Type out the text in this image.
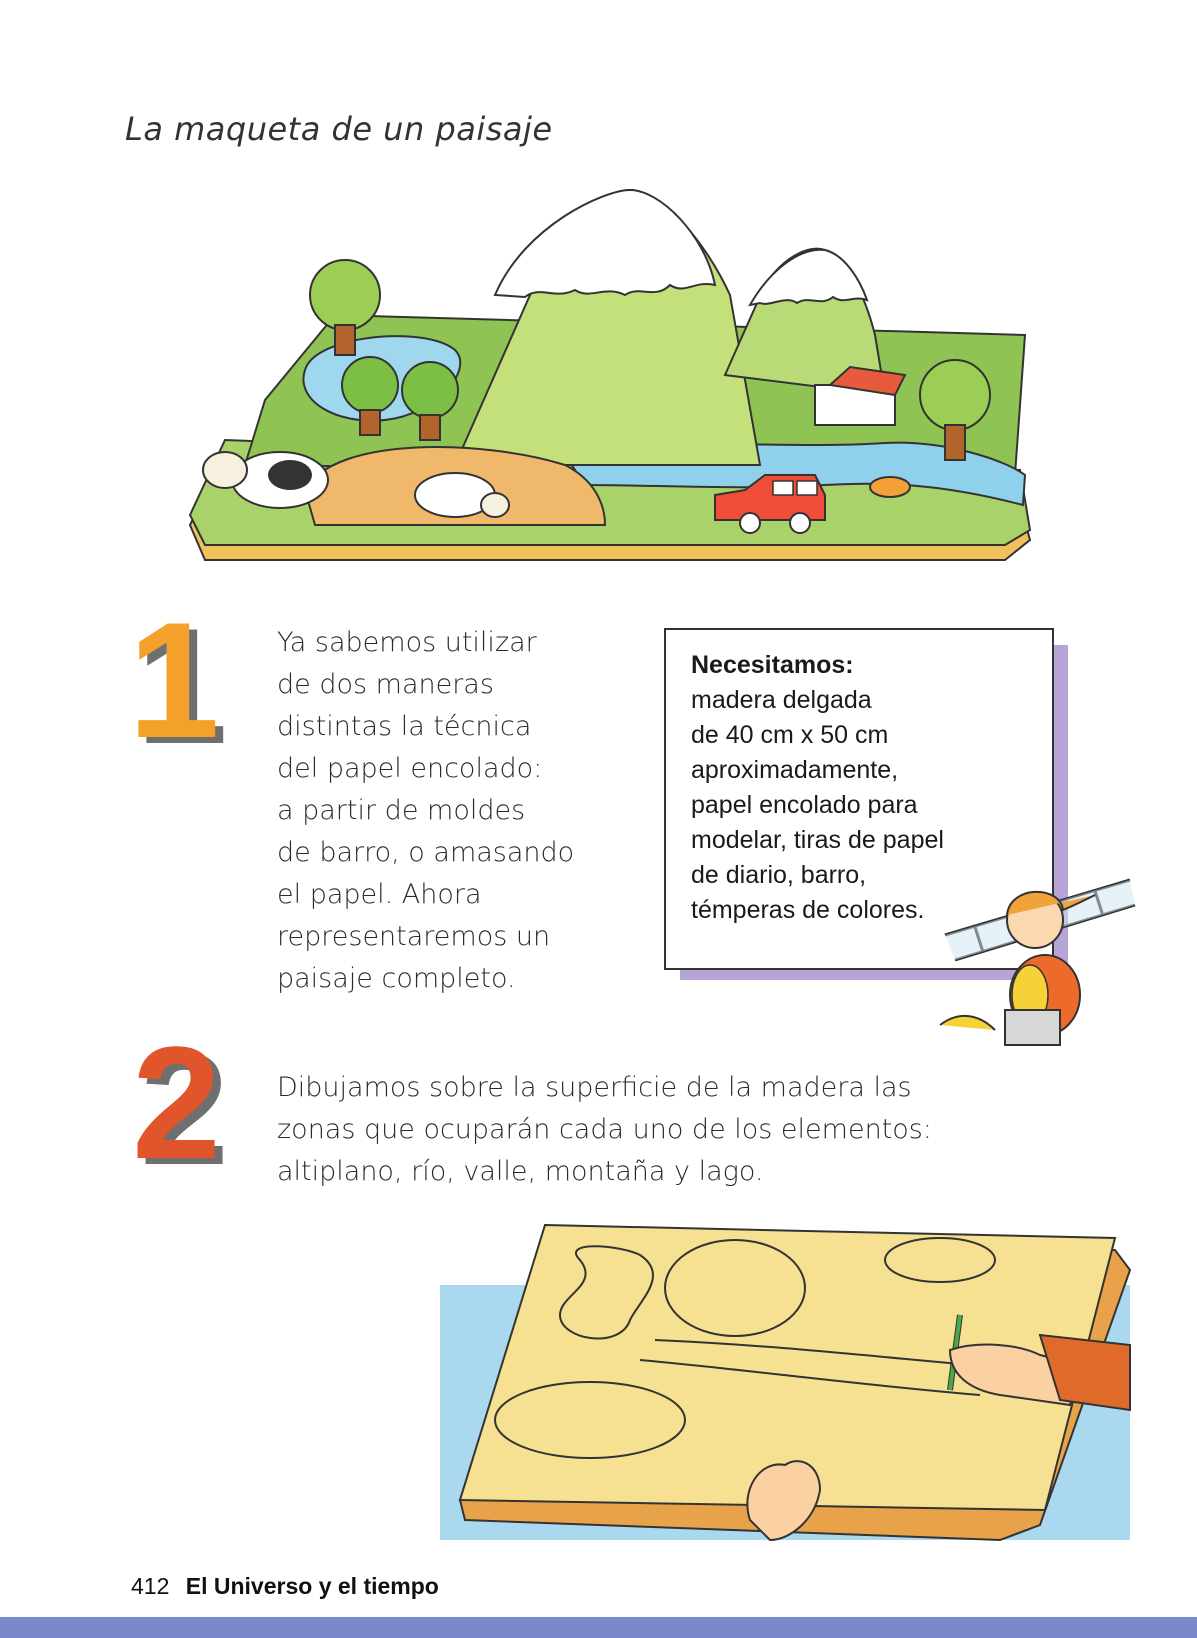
La maqueta de un paisaje
1 Ya sabemos utilizar
de dos maneras
distintas la técnica
del papel encolado:
a partir de moldes
de barro, o amasando
el papel. Ahora
representaremos un
paisaje completo.
Necesitamos:
madera delgada
de 40 cm x 50 cm
aproximadamente,
papel encolado para
modelar, tiras de papel
de diario, barro,
témperas de colores.
2 Dibujamos sobre la superficie de la madera las
zonas que ocuparán cada uno de los elementos:
altiplano, río, valle, montaña y lago.
412 El Universo y el tiempo
